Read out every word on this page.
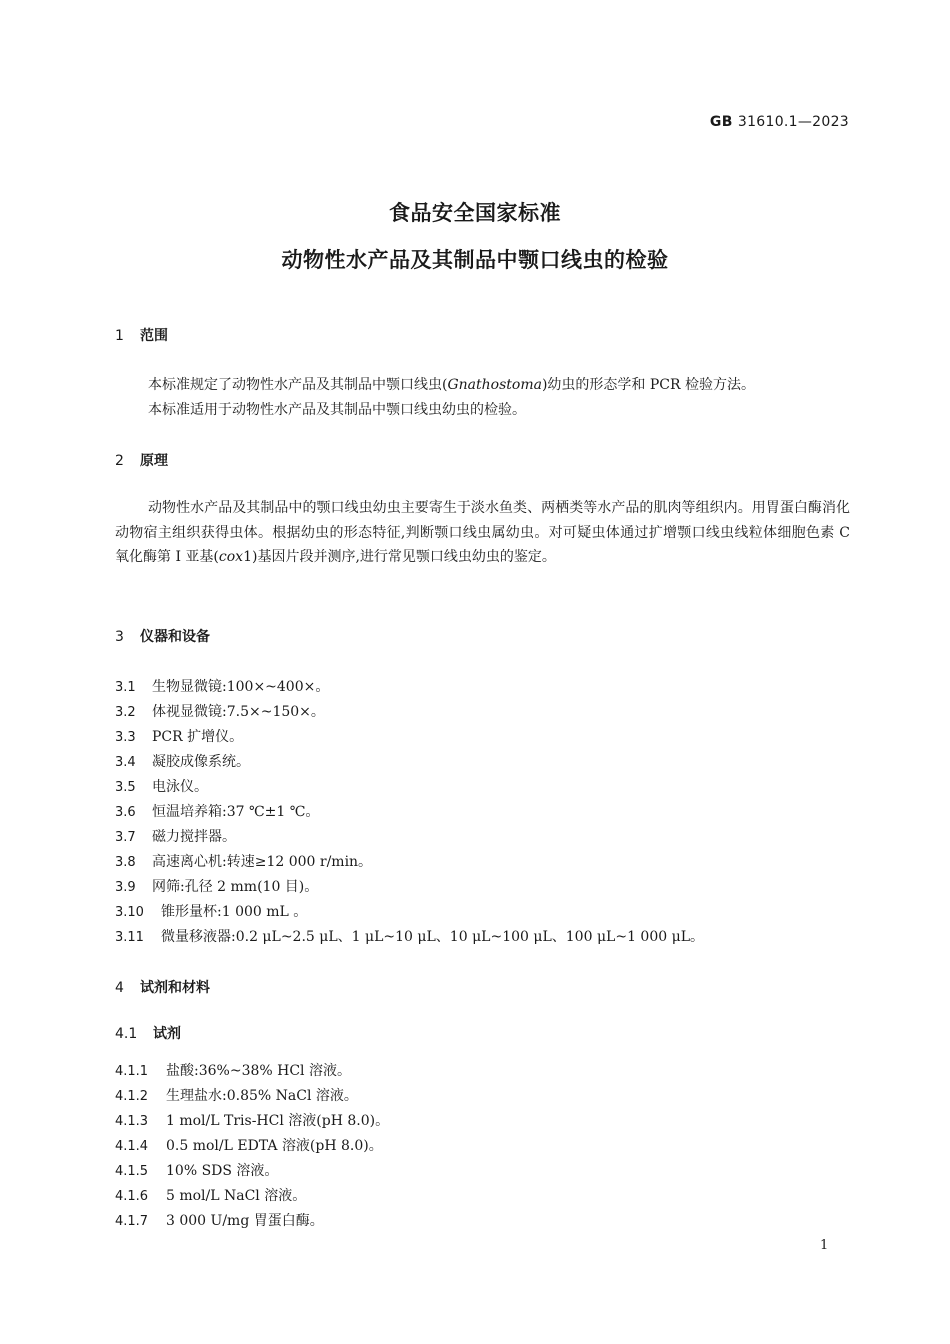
GB 31610.1—2023
食品安全国家标准
动物性水产品及其制品中颚口线虫的检验
1 范围
本标准规定了动物性水产品及其制品中颚口线虫(Gnathostoma)幼虫的形态学和 PCR 检验方法。
本标准适用于动物性水产品及其制品中颚口线虫幼虫的检验。
2 原理
动物性水产品及其制品中的颚口线虫幼虫主要寄生于淡水鱼类、两栖类等水产品的肌肉等组织内。用胃蛋白酶消化动物宿主组织获得虫体。根据幼虫的形态特征,判断颚口线虫属幼虫。对可疑虫体通过扩增颚口线虫线粒体细胞色素 C 氧化酶第 I 亚基(cox1)基因片段并测序,进行常见颚口线虫幼虫的鉴定。
3 仪器和设备
3.1 生物显微镜:100×~400×。
3.2 体视显微镜:7.5×~150×。
3.3 PCR 扩增仪。
3.4 凝胶成像系统。
3.5 电泳仪。
3.6 恒温培养箱:37 ℃±1 ℃。
3.7 磁力搅拌器。
3.8 高速离心机:转速≥12 000 r/min。
3.9 网筛:孔径 2 mm(10 目)。
3.10 锥形量杯:1 000 mL 。
3.11 微量移液器:0.2 μL~2.5 μL、1 μL~10 μL、10 μL~100 μL、100 μL~1 000 μL。
4 试剂和材料
4.1 试剂
4.1.1 盐酸:36%~38% HCl 溶液。
4.1.2 生理盐水:0.85% NaCl 溶液。
4.1.3 1 mol/L Tris-HCl 溶液(pH 8.0)。
4.1.4 0.5 mol/L EDTA 溶液(pH 8.0)。
4.1.5 10% SDS 溶液。
4.1.6 5 mol/L NaCl 溶液。
4.1.7 3 000 U/mg 胃蛋白酶。
1
